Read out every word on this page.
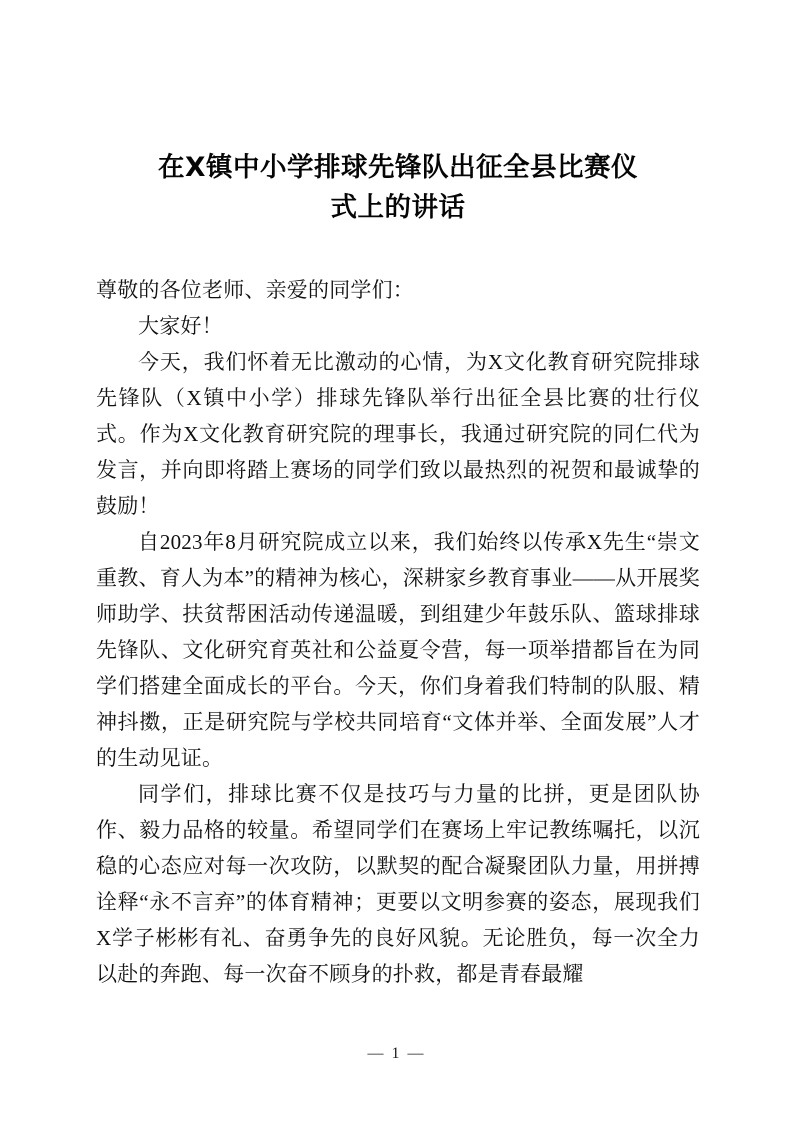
在X镇中小学排球先锋队出征全县比赛仪
式上的讲话

尊敬的各位老师、亲爱的同学们：

大家好！

今天，我们怀着无比激动的心情，为X文化教育研究院排球先锋队（X镇中小学）排球先锋队举行出征全县比赛的壮行仪式。作为X文化教育研究院的理事长，我通过研究院的同仁代为发言，并向即将踏上赛场的同学们致以最热烈的祝贺和最诚挚的鼓励！

自2023年8月研究院成立以来，我们始终以传承X先生“崇文重教、育人为本”的精神为核心，深耕家乡教育事业——从开展奖师助学、扶贫帮困活动传递温暖，到组建少年鼓乐队、篮球排球先锋队、文化研究育英社和公益夏令营，每一项举措都旨在为同学们搭建全面成长的平台。今天，你们身着我们特制的队服、精神抖擞，正是研究院与学校共同培育“文体并举、全面发展”人才的生动见证。

同学们，排球比赛不仅是技巧与力量的比拼，更是团队协作、毅力品格的较量。希望同学们在赛场上牢记教练嘱托，以沉稳的心态应对每一次攻防，以默契的配合凝聚团队力量，用拼搏诠释“永不言弃”的体育精神；更要以文明参赛的姿态，展现我们X学子彬彬有礼、奋勇争先的良好风貌。无论胜负，每一次全力以赴的奔跑、每一次奋不顾身的扑救，都是青春最耀

— 1 —
